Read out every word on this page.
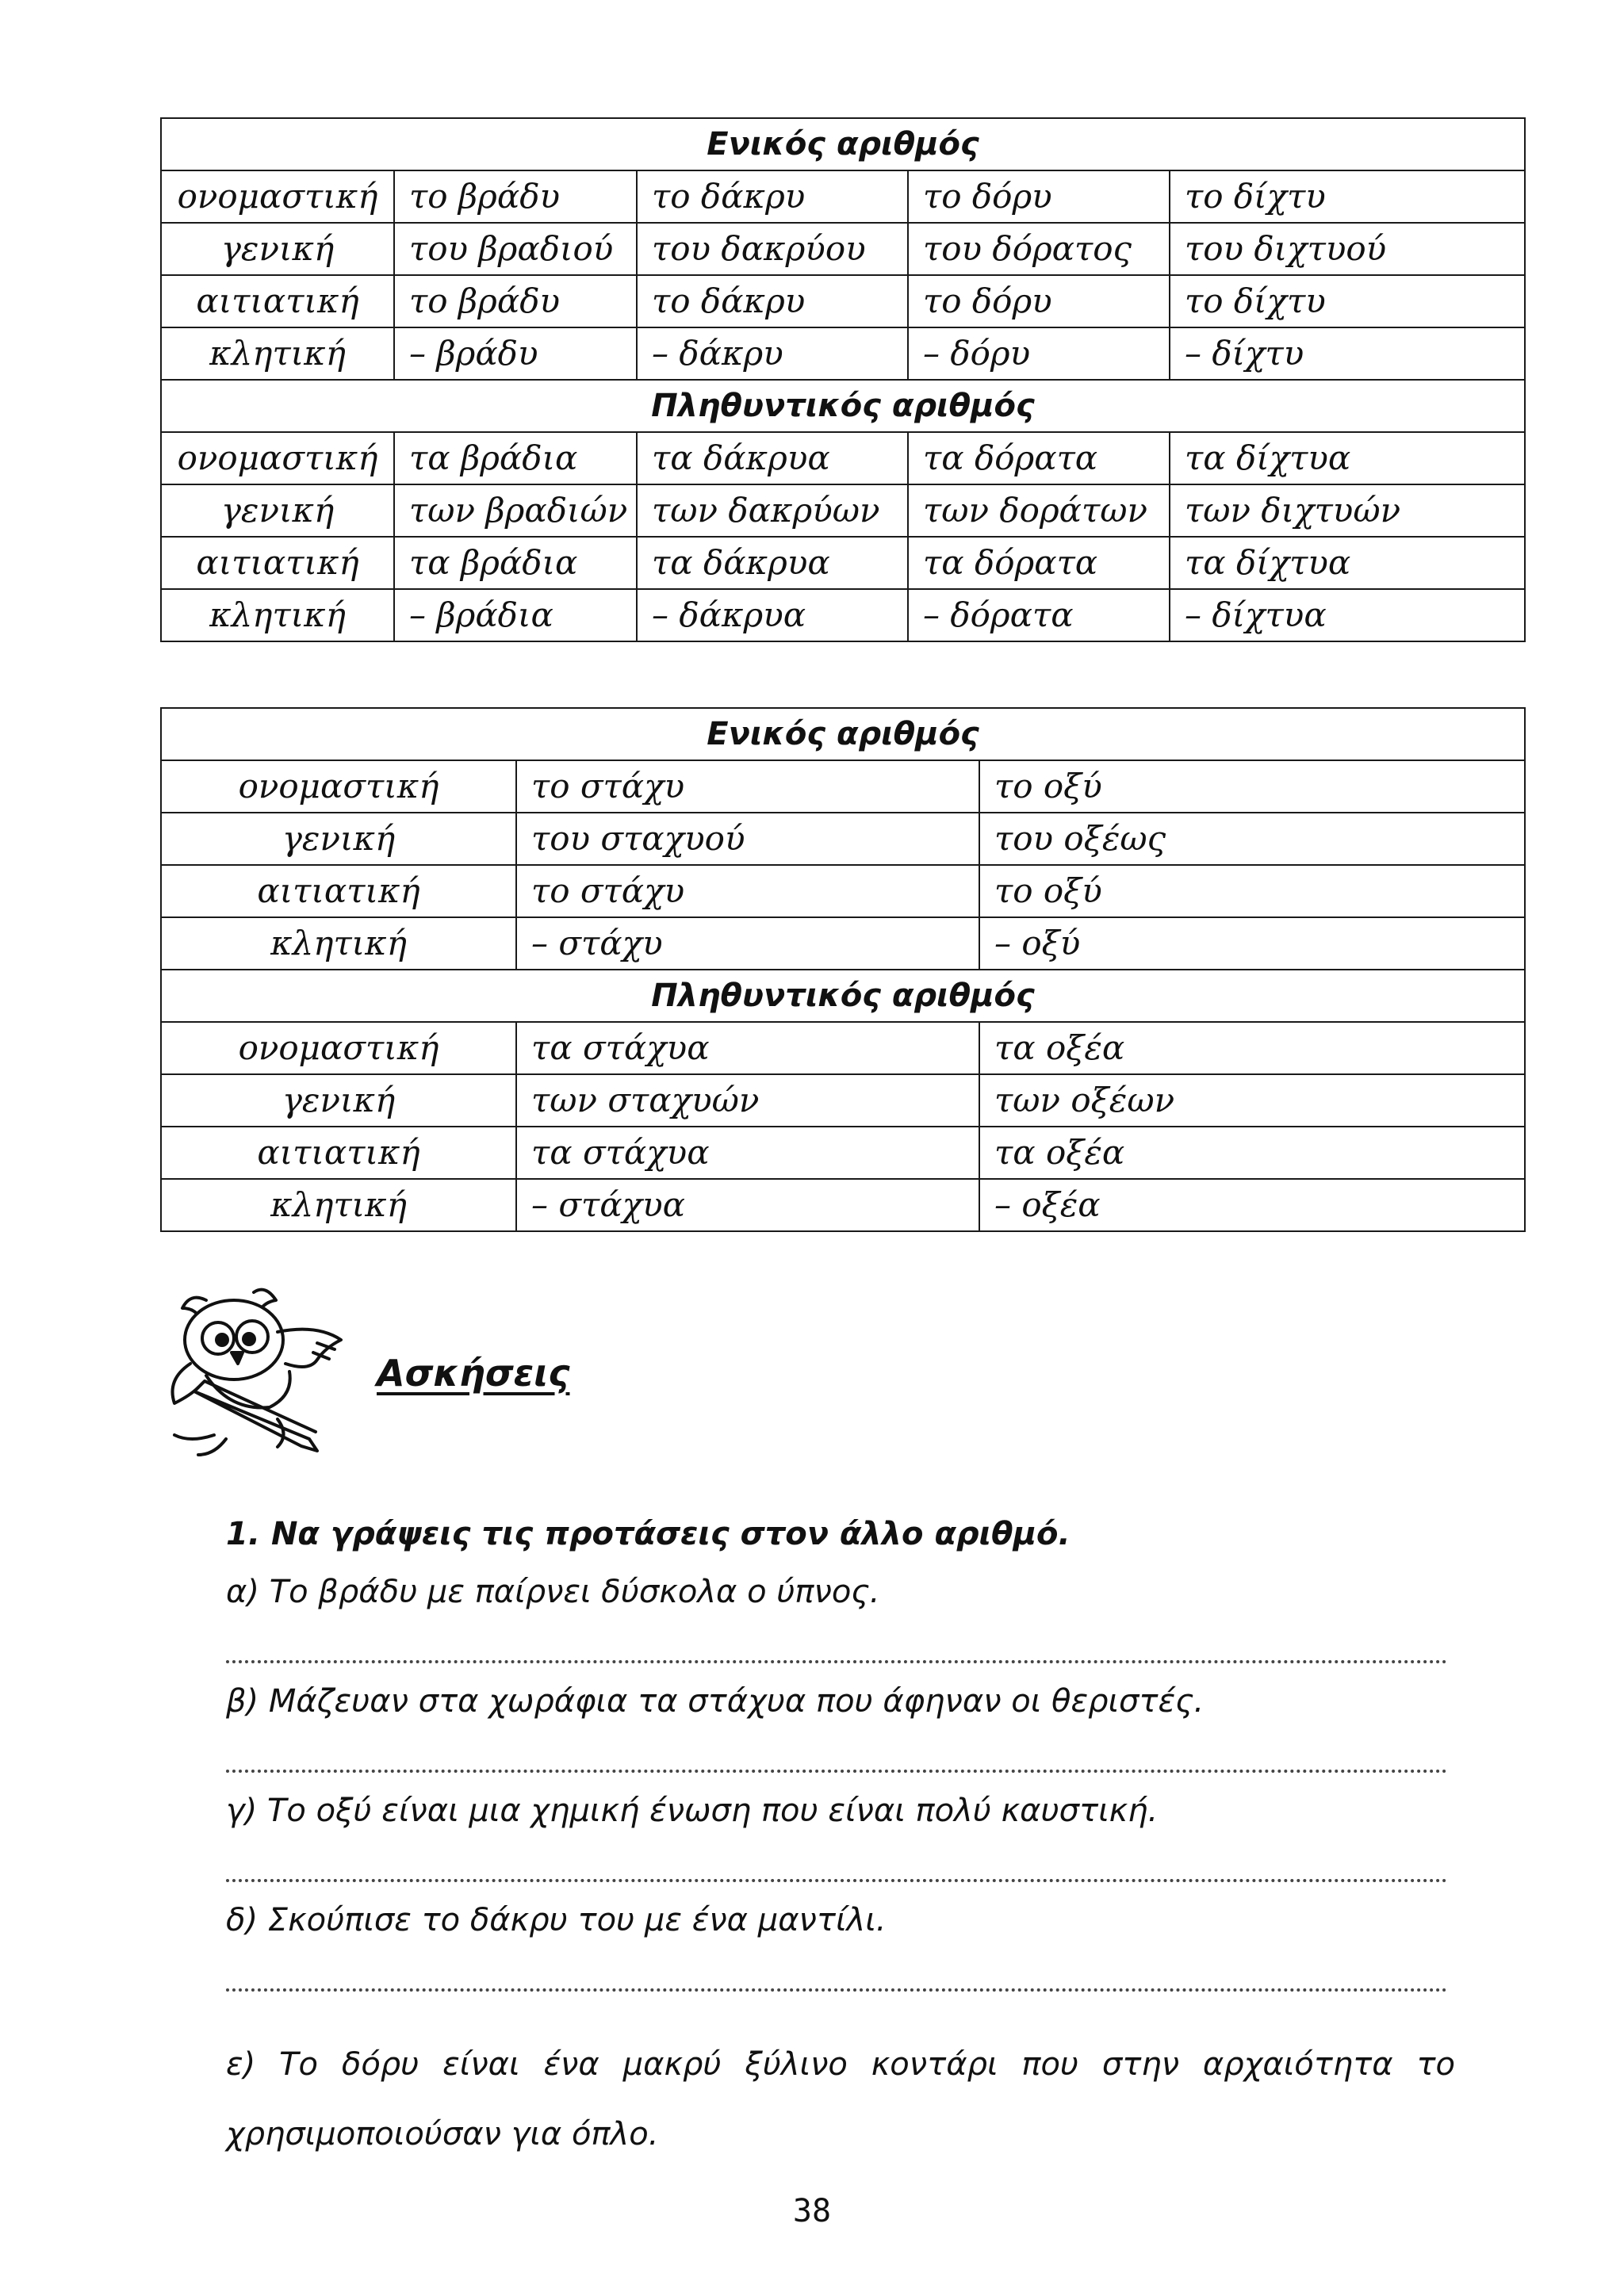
Ενικός αριθμός				
ονομαστική	το βράδυ	το δάκρυ	το δόρυ	το δίχτυ
γενική	του βραδιού	του δακρύου	του δόρατος	του διχτυού
αιτιατική	το βράδυ	το δάκρυ	το δόρυ	το δίχτυ
κλητική	– βράδυ	– δάκρυ	– δόρυ	– δίχτυ
Πληθυντικός αριθμός				
ονομαστική	τα βράδια	τα δάκρυα	τα δόρατα	τα δίχτυα
γενική	των βραδιών	των δακρύων	των δοράτων	των διχτυών
αιτιατική	τα βράδια	τα δάκρυα	τα δόρατα	τα δίχτυα
κλητική	– βράδια	– δάκρυα	– δόρατα	– δίχτυα
Ενικός αριθμός		
ονομαστική	το στάχυ	το οξύ
γενική	του σταχυού	του οξέως
αιτιατική	το στάχυ	το οξύ
κλητική	– στάχυ	– οξύ
Πληθυντικός αριθμός		
ονομαστική	τα στάχυα	τα οξέα
γενική	των σταχυών	των οξέων
αιτιατική	τα στάχυα	τα οξέα
κλητική	– στάχυα	– οξέα
Ασκήσεις
1. Να γράψεις τις προτάσεις στον άλλο αριθμό.
α) Το βράδυ με παίρνει δύσκολα ο ύπνος.
β) Μάζευαν στα χωράφια τα στάχυα που άφηναν οι θεριστές.
γ) Το οξύ είναι μια χημική ένωση που είναι πολύ καυστική.
δ) Σκούπισε το δάκρυ του με ένα μαντίλι.
ε) Το δόρυ είναι ένα μακρύ ξύλινο κοντάρι που στην αρχαιότητα το χρησιμοποιούσαν για όπλο.
38
